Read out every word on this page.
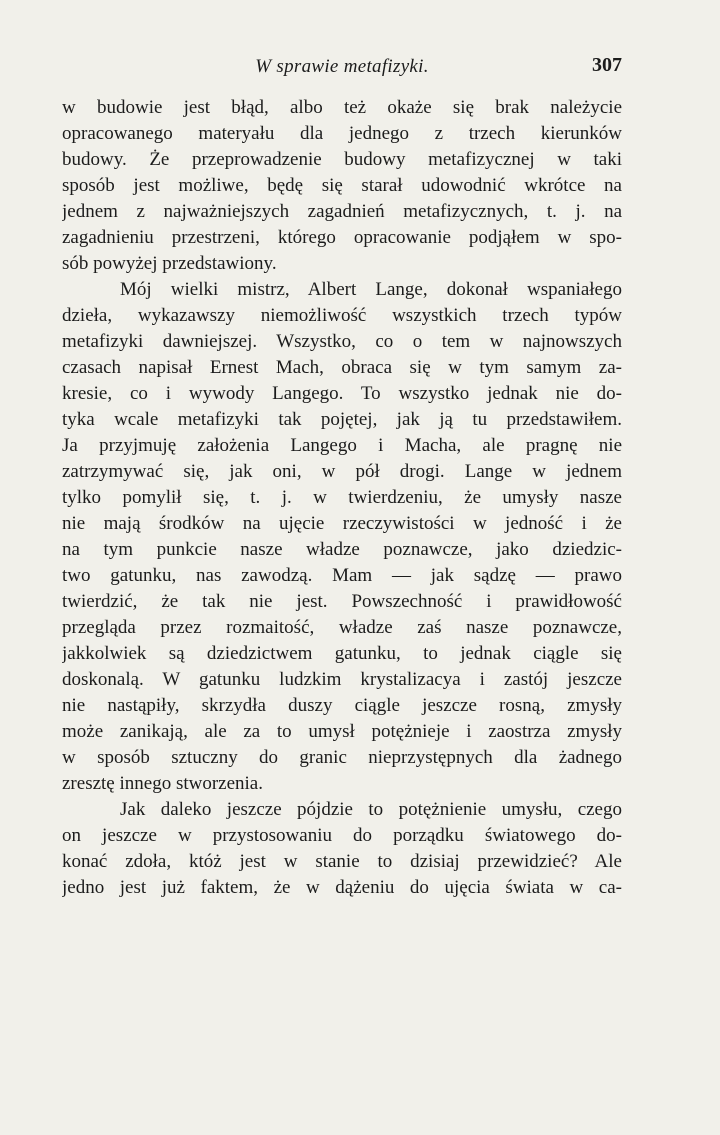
W sprawie metafizyki.	307
w budowie jest błąd, albo też okaże się brak należycie
opracowanego materyału dla jednego z trzech kierunków
budowy. Że przeprowadzenie budowy metafizycznej w taki
sposób jest możliwe, będę się starał udowodnić wkrótce na
jednem z najważniejszych zagadnień metafizycznych, t. j. na
zagadnieniu przestrzeni, którego opracowanie podjąłem w spo-
sób powyżej przedstawiony.
Mój wielki mistrz, Albert Lange, dokonał wspaniałego
dzieła, wykazawszy niemożliwość wszystkich trzech typów
metafizyki dawniejszej. Wszystko, co o tem w najnowszych
czasach napisał Ernest Mach, obraca się w tym samym za-
kresie, co i wywody Langego. To wszystko jednak nie do-
tyka wcale metafizyki tak pojętej, jak ją tu przedstawiłem.
Ja przyjmuję założenia Langego i Macha, ale pragnę nie
zatrzymywać się, jak oni, w pół drogi. Lange w jednem
tylko pomylił się, t. j. w twierdzeniu, że umysły nasze
nie mają środków na ujęcie rzeczywistości w jedność i że
na tym punkcie nasze władze poznawcze, jako dziedzic-
two gatunku, nas zawodzą. Mam — jak sądzę — prawo
twierdzić, że tak nie jest. Powszechność i prawidłowość
przegląda przez rozmaitość, władze zaś nasze poznawcze,
jakkolwiek są dziedzictwem gatunku, to jednak ciągle się
doskonalą. W gatunku ludzkim krystalizacya i zastój jeszcze
nie nastąpiły, skrzydła duszy ciągle jeszcze rosną, zmysły
może zanikają, ale za to umysł potężnieje i zaostrza zmysły
w sposób sztuczny do granic nieprzystępnych dla żadnego
zresztę innego stworzenia.
Jak daleko jeszcze pójdzie to potężnienie umysłu, czego
on jeszcze w przystosowaniu do porządku światowego do-
konać zdoła, któż jest w stanie to dzisiaj przewidzieć? Ale
jedno jest już faktem, że w dążeniu do ujęcia świata w ca-
